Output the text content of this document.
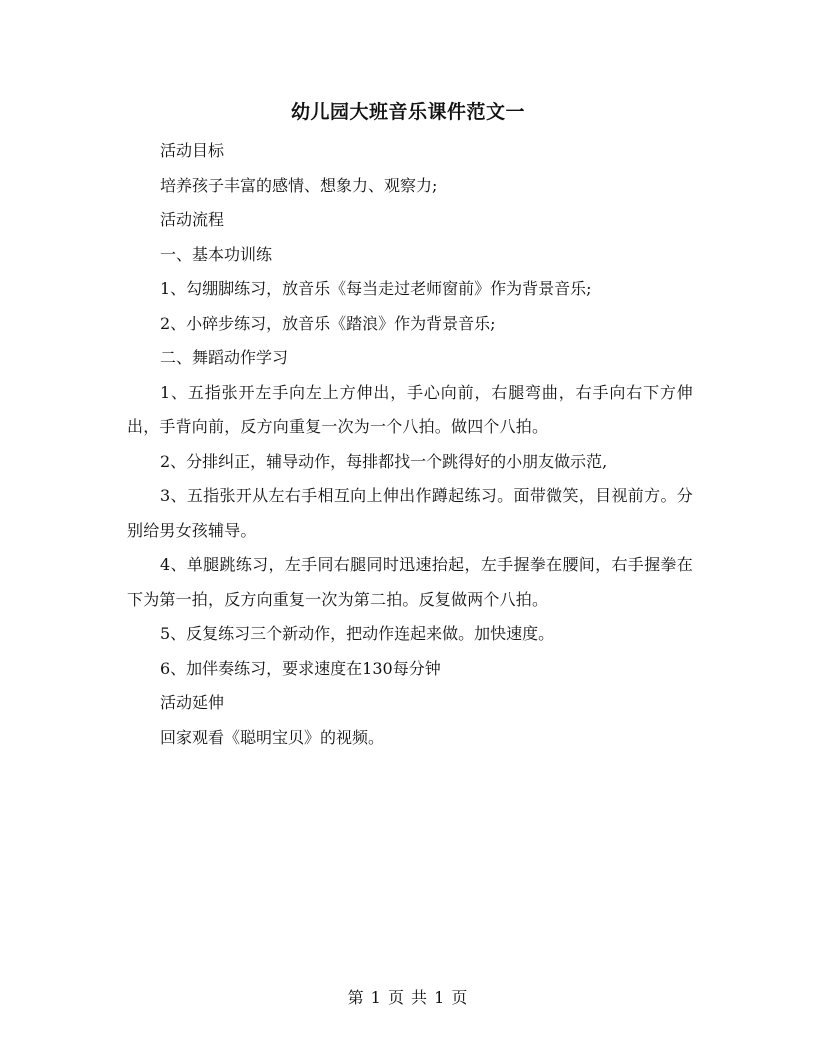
幼儿园大班音乐课件范文一

活动目标

培养孩子丰富的感情、想象力、观察力;

活动流程

一、基本功训练

1、勾绷脚练习，放音乐《每当走过老师窗前》作为背景音乐;

2、小碎步练习，放音乐《踏浪》作为背景音乐;

二、舞蹈动作学习

1、五指张开左手向左上方伸出，手心向前，右腿弯曲，右手向右下方伸出，手背向前，反方向重复一次为一个八拍。做四个八拍。

2、分排纠正，辅导动作，每排都找一个跳得好的小朋友做示范,

3、五指张开从左右手相互向上伸出作蹲起练习。面带微笑，目视前方。分别给男女孩辅导。

4、单腿跳练习，左手同右腿同时迅速抬起，左手握拳在腰间，右手握拳在下为第一拍，反方向重复一次为第二拍。反复做两个八拍。

5、反复练习三个新动作，把动作连起来做。加快速度。

6、加伴奏练习，要求速度在130每分钟

活动延伸

回家观看《聪明宝贝》的视频。

第 1 页 共 1 页
